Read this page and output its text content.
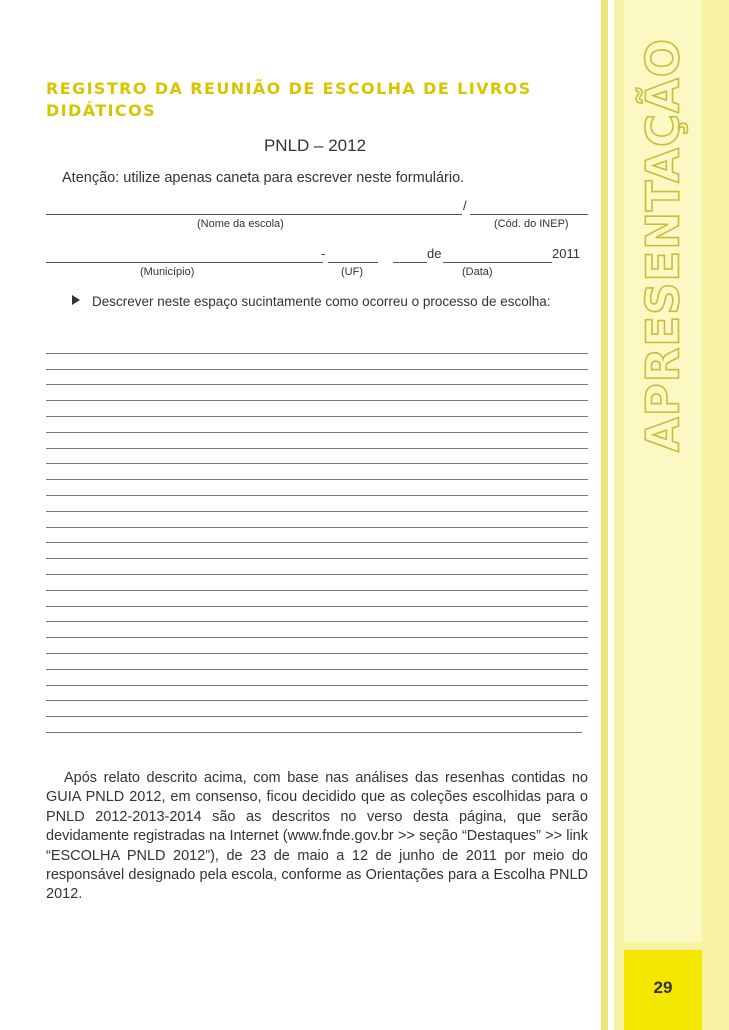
APRESENTAÇÃO
29
REGISTRO DA REUNIÃO DE ESCOLHA DE LIVROS DIDÁTICOS
PNLD – 2012
Atenção: utilize apenas caneta para escrever neste formulário.
/
(Nome da escola)	(Cód. do INEP)
-	de	2011
(Município)	(UF)	(Data)
Descrever neste espaço sucintamente como ocorreu o processo de escolha:
Após relato descrito acima, com base nas análises das resenhas contidas no GUIA PNLD 2012, em consenso, ficou decidido que as coleções escolhidas para o PNLD 2012-2013-2014 são as descritos no verso desta página, que serão devidamente registradas na Internet (www.fnde.gov.br >> seção “Destaques” >> link “ESCOLHA PNLD 2012”), de 23 de maio a 12 de junho de 2011 por meio do responsável designado pela escola, conforme as Orientações para a Escolha PNLD 2012.
